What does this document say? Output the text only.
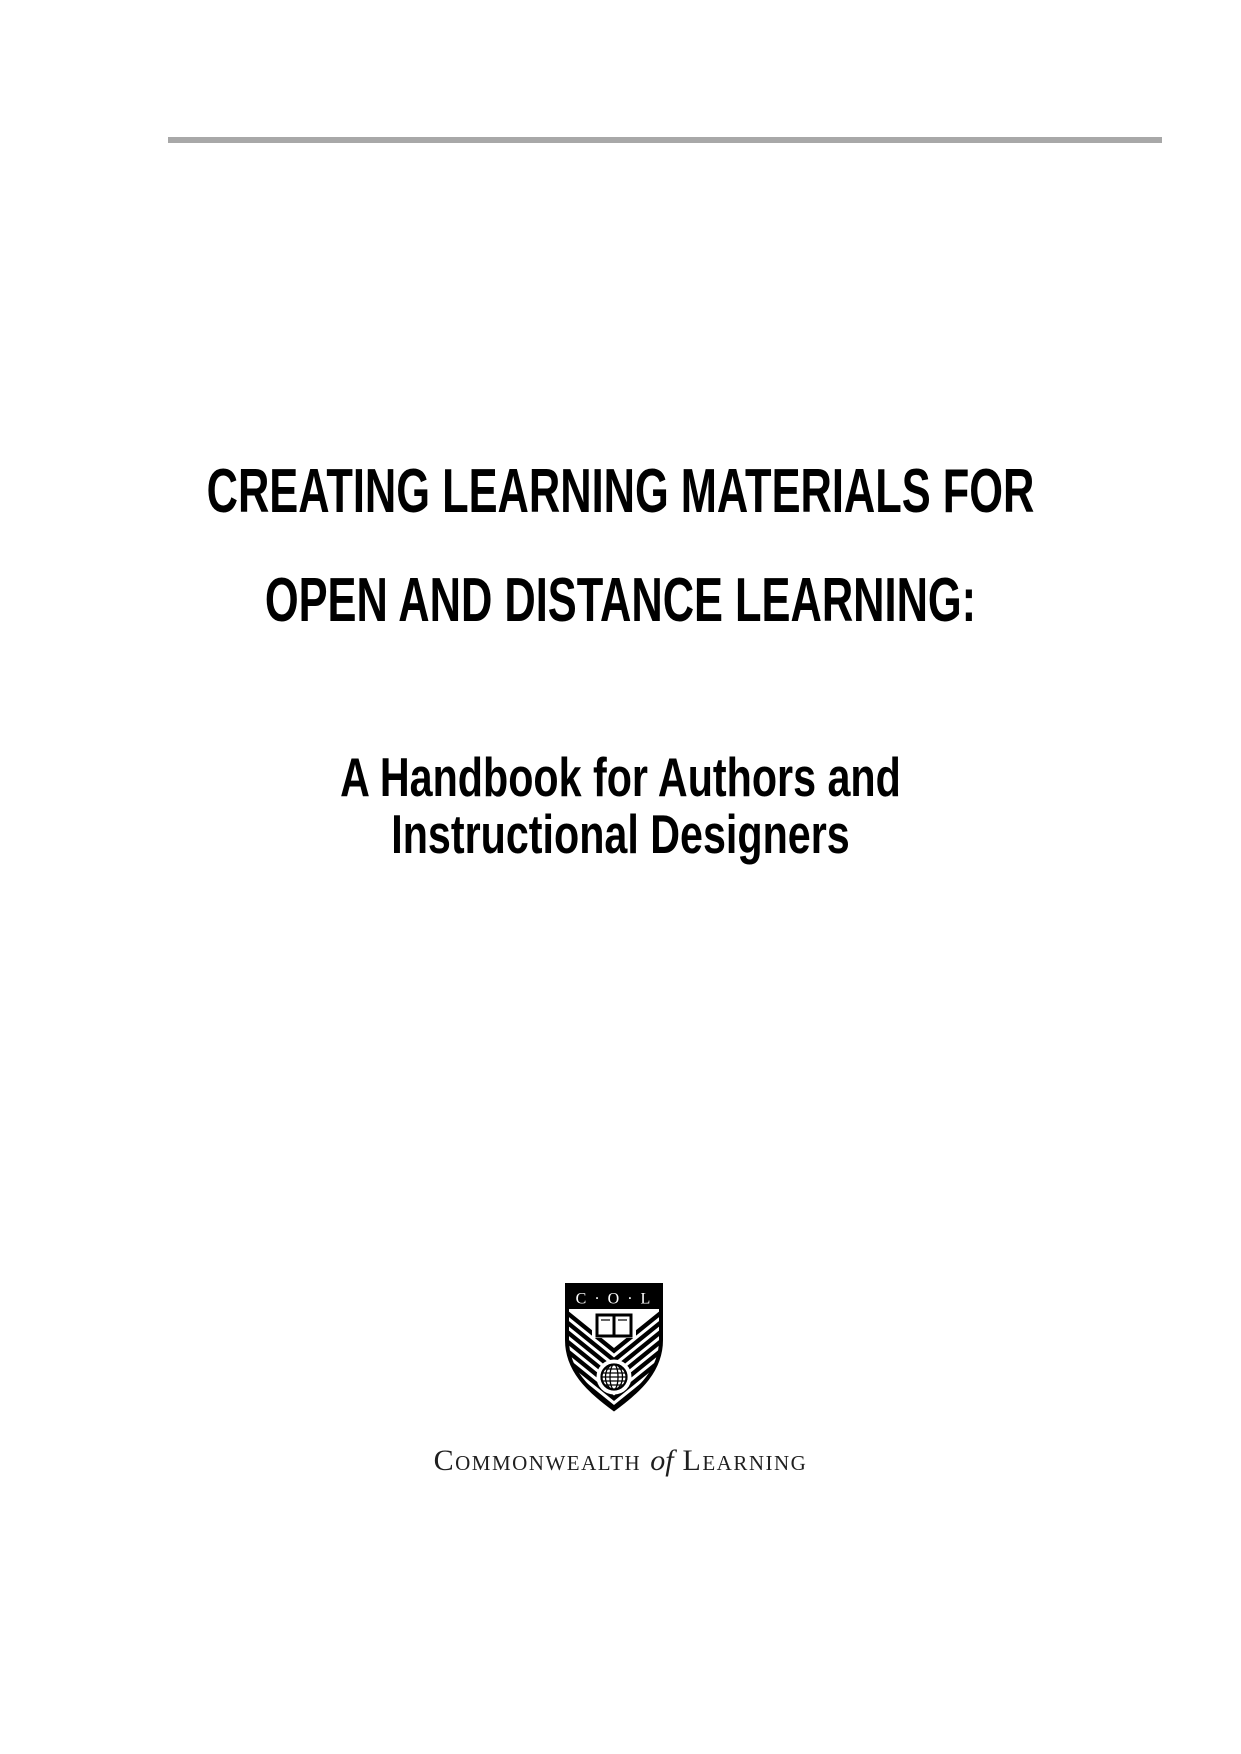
CREATING LEARNING MATERIALS FOR
OPEN AND DISTANCE LEARNING:
A Handbook for Authors and
Instructional Designers
C · O · L
Commonwealth of Learning
